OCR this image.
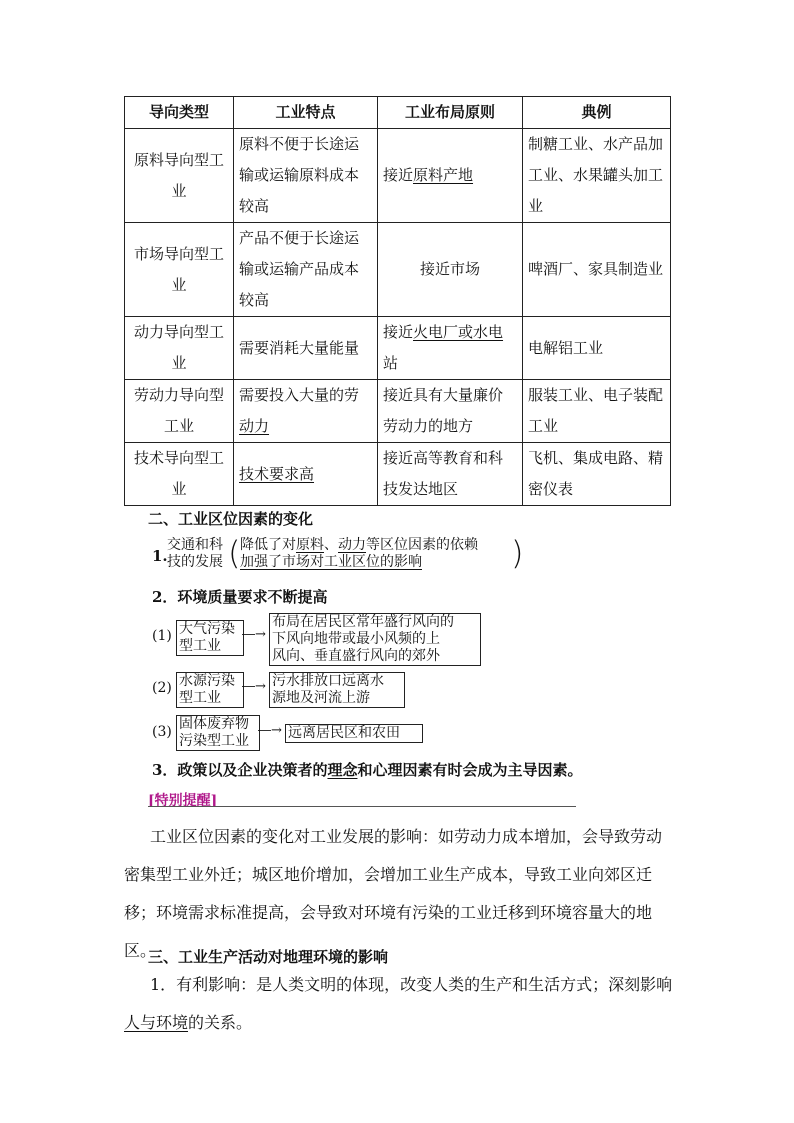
导向类型	工业特点	工业布局原则	典例
原料导向型工业	原料不便于长途运输或运输原料成本较高	接近原料产地	制糖工业、水产品加工业、水果罐头加工业
市场导向型工业	产品不便于长途运输或运输产品成本较高	接近市场	啤酒厂、家具制造业
动力导向型工业	需要消耗大量能量	接近火电厂或水电站	电解铝工业
劳动力导向型工业	需要投入大量的劳动力	接近具有大量廉价劳动力的地方	服装工业、电子装配工业
技术导向型工业	技术要求高	接近高等教育和科技发达地区	飞机、集成电路、精密仪表
二、工业区位因素的变化
1.
交通和科
技的发展 ( 降低了对原料、动力等区位因素的依赖
加强了市场对工业区位的影响	)
2．环境质量要求不断提高
(1) 大气污染
型工业
―→
布局在居民区常年盛行风向的
下风向地带或最小风频的上
风向、垂直盛行风向的郊外
(2) 水源污染
型工业
―→ 污水排放口远离水
源地及河流上游
(3) 固体废弃物
污染型工业
―→ 远离居民区和农田
3．政策以及企业决策者的理念和心理因素有时会成为主导因素。
[特别提醒]
工业区位因素的变化对工业发展的影响：如劳动力成本增加，会导致劳动密集型工业外迁；城区地价增加，会增加工业生产成本，导致工业向郊区迁移；环境需求标准提高，会导致对环境有污染的工业迁移到环境容量大的地区。
三、工业生产活动对地理环境的影响
1．有利影响：是人类文明的体现，改变人类的生产和生活方式；深刻影响人与环境的关系。
